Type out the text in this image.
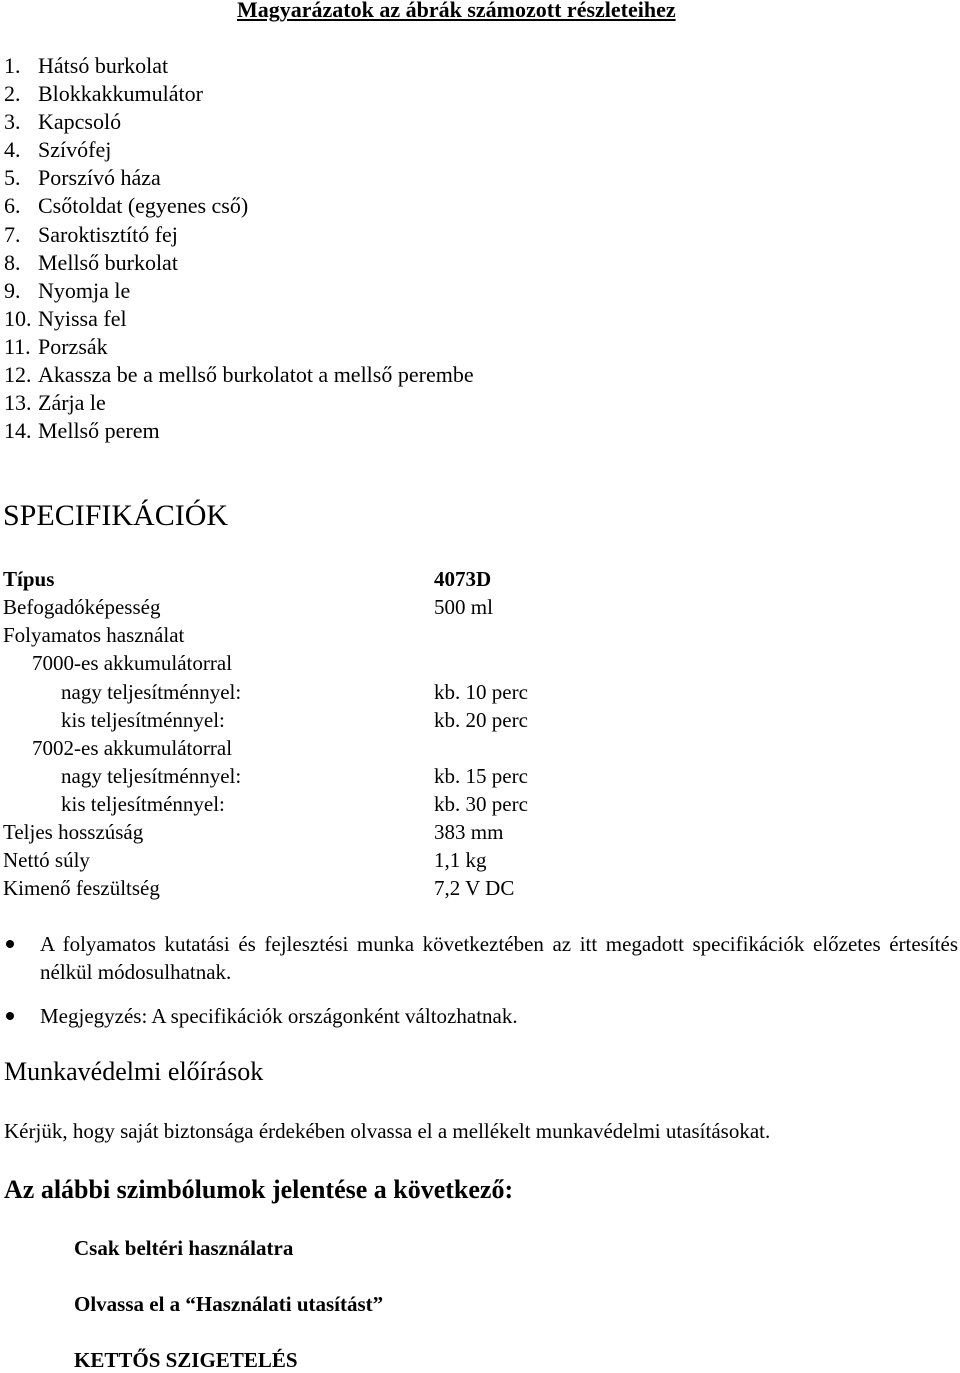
Magyarázatok az ábrák számozott részleteihez
1. Hátsó burkolat
2. Blokkakkumulátor
3. Kapcsoló
4. Szívófej
5. Porszívó háza
6. Csőtoldat (egyenes cső)
7. Saroktisztító fej
8. Mellső burkolat
9. Nyomja le
10. Nyissa fel
11. Porzsák
12. Akassza be a mellső burkolatot a mellső perembe
13. Zárja le
14. Mellső perem
SPECIFIKÁCIÓK
Típus	4073D
Befogadóképesség	500 ml
Folyamatos használat
7000-es akkumulátorral
nagy teljesítménnyel:	kb. 10 perc
kis teljesítménnyel:	kb. 20 perc
7002-es akkumulátorral
nagy teljesítménnyel:	kb. 15 perc
kis teljesítménnyel:	kb. 30 perc
Teljes hosszúság	383 mm
Nettó súly	1,1 kg
Kimenő feszültség	7,2 V DC
A folyamatos kutatási és fejlesztési munka következtében az itt megadott specifikációk előzetes értesítés nélkül módosulhatnak.
Megjegyzés: A specifikációk országonként változhatnak.
Munkavédelmi előírások
Kérjük, hogy saját biztonsága érdekében olvassa el a mellékelt munkavédelmi utasításokat.
Az alábbi szimbólumok jelentése a következő:
Csak beltéri használatra
Olvassa el a “Használati utasítást”
KETTŐS SZIGETELÉS
